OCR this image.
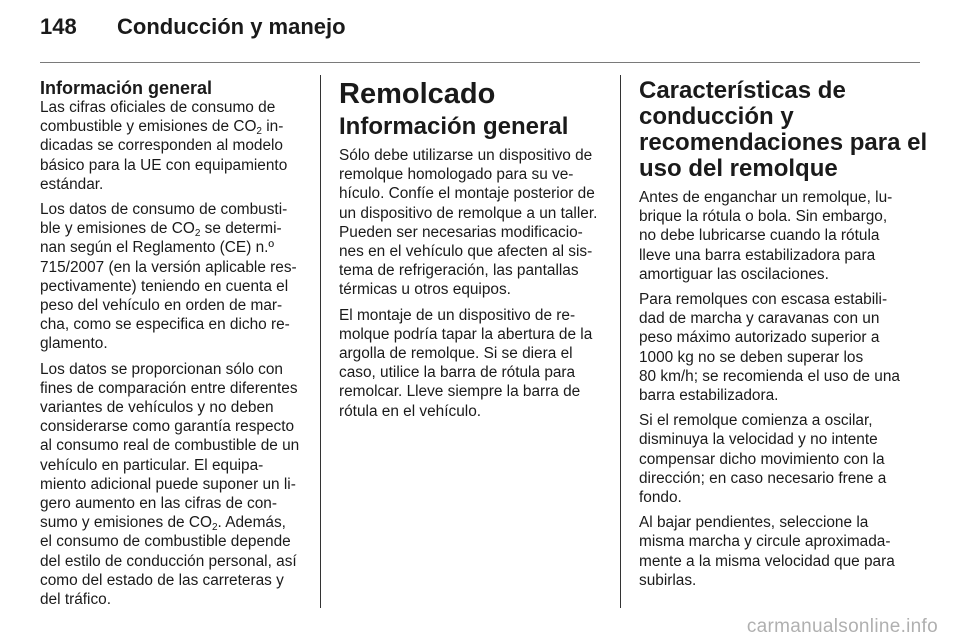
148 Conducción y manejo
Información general

Las cifras oficiales de consumo de
combustible y emisiones de $CO_2$ in-
dicadas se corresponden al modelo
básico para la UE con equipamiento
estándar.

Los datos de consumo de combusti-
ble y emisiones de $CO_2$ se determi-
nan según el Reglamento (CE) n.º
715/2007 (en la versión aplicable res-
pectivamente) teniendo en cuenta el
peso del vehículo en orden de mar-
cha, como se especifica en dicho re-
glamento.

Los datos se proporcionan sólo con
fines de comparación entre diferentes
variantes de vehículos y no deben
considerarse como garantía respecto
al consumo real de combustible de un
vehículo en particular. El equipa-
miento adicional puede suponer un li-
gero aumento en las cifras de con-
sumo y emisiones de $CO_2$. Además,
el consumo de combustible depende
del estilo de conducción personal, así
como del estado de las carreteras y
del tráfico.

Remolcado
Información general

Sólo debe utilizarse un dispositivo de
remolque homologado para su ve-
hículo. Confíe el montaje posterior de
un dispositivo de remolque a un taller.
Pueden ser necesarias modificacio-
nes en el vehículo que afecten al sis-
tema de refrigeración, las pantallas
térmicas u otros equipos.

El montaje de un dispositivo de re-
molque podría tapar la abertura de la
argolla de remolque. Si se diera el
caso, utilice la barra de rótula para
remolcar. Lleve siempre la barra de
rótula en el vehículo.

Características de
conducción y
recomendaciones para el
uso del remolque

Antes de enganchar un remolque, lu-
brique la rótula o bola. Sin embargo,
no debe lubricarse cuando la rótula
lleve una barra estabilizadora para
amortiguar las oscilaciones.

Para remolques con escasa estabili-
dad de marcha y caravanas con un
peso máximo autorizado superior a
1000 kg no se deben superar los
80 km/h; se recomienda el uso de una
barra estabilizadora.

Si el remolque comienza a oscilar,
disminuya la velocidad y no intente
compensar dicho movimiento con la
dirección; en caso necesario frene a
fondo.

Al bajar pendientes, seleccione la
misma marcha y circule aproximada-
mente a la misma velocidad que para
subirlas.

carmanualsonline.info
